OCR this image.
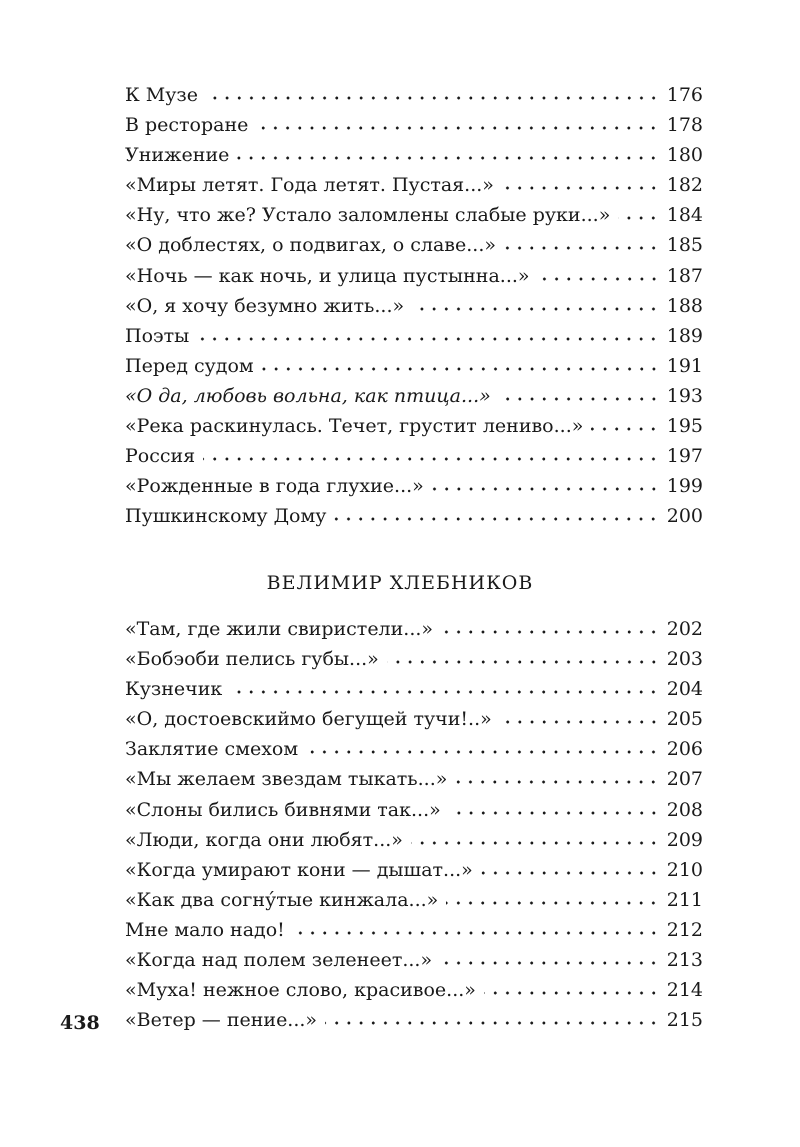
К Музе	176
В ресторане	178
Унижение	180
«Миры летят. Года летят. Пустая...»	182
«Ну, что же? Устало заломлены слабые руки...»	184
«О доблестях, о подвигах, о славе...»	185
«Ночь — как ночь, и улица пустынна...»	187
«О, я хочу безумно жить...»	188
Поэты	189
Перед судом	191
«О да, любовь вольна, как птица...»	193
«Река раскинулась. Течет, грустит лениво...»	195
Россия	197
«Рожденные в года глухие...»	199
Пушкинскому Дому	200
ВЕЛИМИР ХЛЕБНИКОВ
«Там, где жили свиристели...»	202
«Бобэоби пелись губы...»	203
Кузнечик	204
«О, достоевскиймо бегущей тучи!..»	205
Заклятие смехом	206
«Мы желаем звездам тыкать...»	207
«Слоны бились бивнями так...»	208
«Люди, когда они любят...»	209
«Когда умирают кони — дышат...»	210
«Как два согну́тые кинжала...»	211
Мне мало надо!	212
«Когда над полем зеленеет...»	213
«Муха! нежное слово, красивое...»	214
«Ветер — пение...»	215
438
